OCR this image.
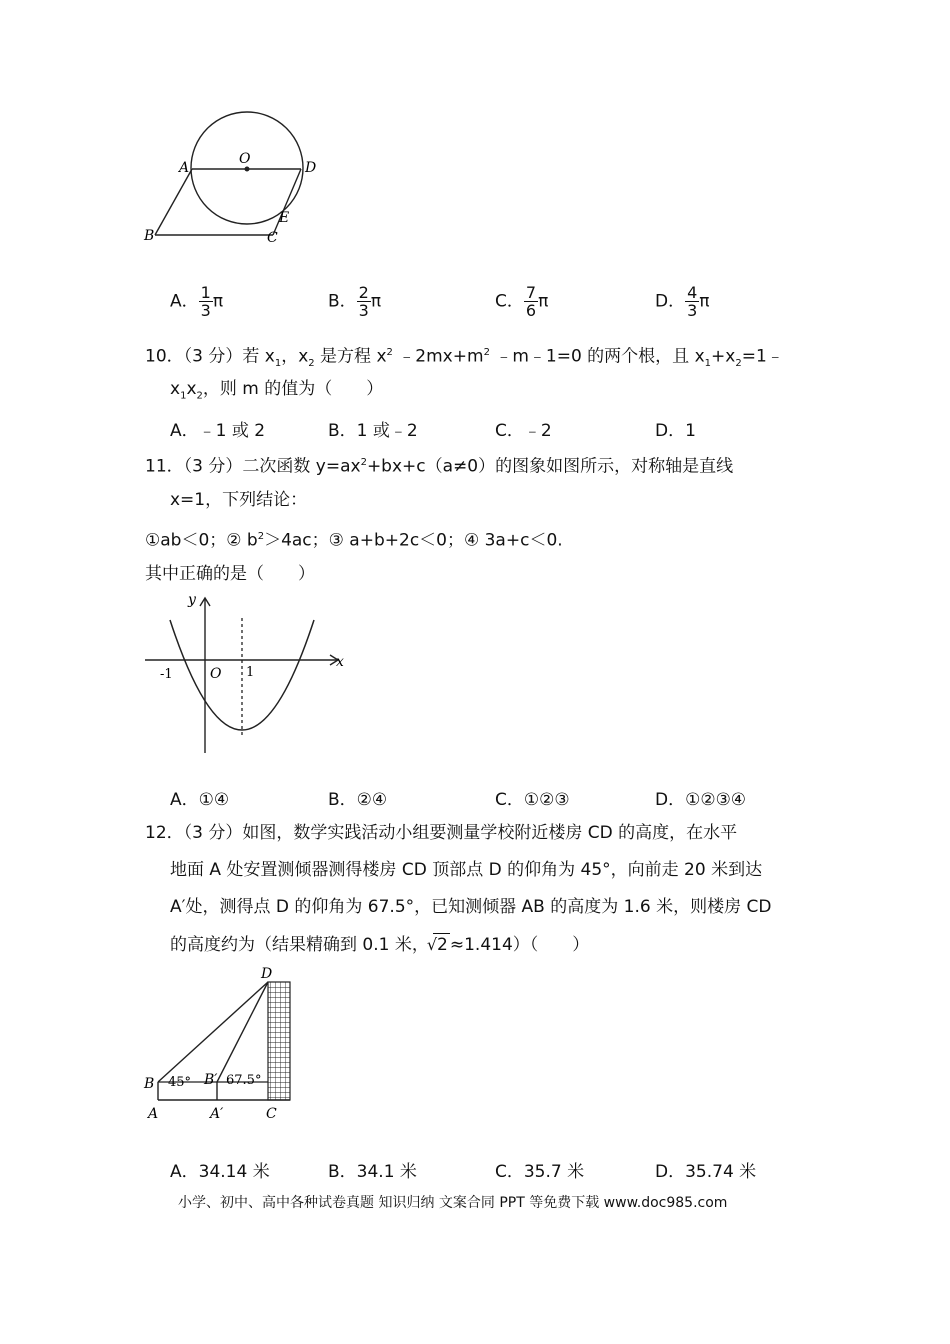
A
O
D
B	C
E
A． $\frac{1}{3}$ π	B． $\frac{2}{3}$ π	C． $\frac{7}{6}$ π	D． $\frac{4}{3}$ π
10．（3 分）若 $x_1$，$x_2$ 是方程 $x^2$ $﹣2mx+m^2$ ﹣m﹣1=0 的两个根，且 $x_1+x_2=1﹣$
$x_1x_2$，则 m 的值为（　　）
A．﹣1 或 2	B．1 或﹣2	C．﹣2	D．1
11．（3 分）二次函数 $y=ax^2+bx+c(a\ne 0)$的图象如图所示，对称轴是直线
x=1，下列结论：
①ab＜0；② $b^2>4ac$；③ a+b+2c＜0；④ 3a+c＜0.
其中正确的是（　　）
y
x
-1	O 1
A．①④	B．②④	C．①②③	D．①②③④
12．（3 分）如图，数学实践活动小组要测量学校附近楼房 CD 的高度，在水平
地面 A 处安置测倾器测得楼房 CD 顶部点 D 的仰角为 45°，向前走 20 米到达
A′处，测得点 D 的仰角为 67.5°，已知测倾器 AB 的高度为 1.6 米，则楼房 CD
的高度约为（结果精确到 0.1 米，√2 ≈1.414）（　　）
D
B 45° B′ 67.5°
A	A′	C
A．34.14 米	B．34.1 米	C．35.7 米	D．35.74 米
小学、初中、高中各种试卷真题 知识归纳 文案合同 PPT 等免费下载 www.doc985.com
